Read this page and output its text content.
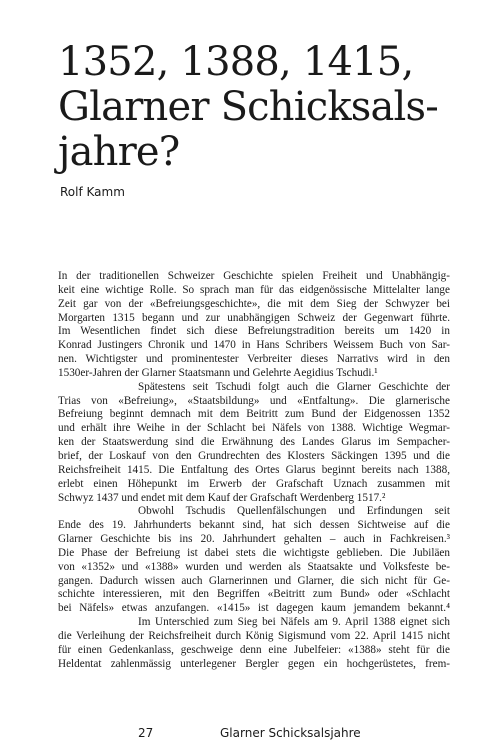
1352, 1388, 1415,
Glarner Schicksals-
jahre?
Rolf Kamm
In der traditionellen Schweizer Geschichte spielen Freiheit und Unabhängig-
keit eine wichtige Rolle. So sprach man für das eidgenössische Mittelalter lange
Zeit gar von der «Befreiungsgeschichte», die mit dem Sieg der Schwyzer bei
Morgarten 1315 begann und zur unabhängigen Schweiz der Gegenwart führte.
Im Wesentlichen findet sich diese Befreiungstradition bereits um 1420 in
Konrad Justingers Chronik und 1470 in Hans Schribers Weissem Buch von Sar-
nen. Wichtigster und prominentester Verbreiter dieses Narrativs wird in den
1530er-Jahren der Glarner Staatsmann und Gelehrte Aegidius Tschudi.¹
Spätestens seit Tschudi folgt auch die Glarner Geschichte der
Trias von «Befreiung», «Staatsbildung» und «Entfaltung». Die glarnerische
Befreiung beginnt demnach mit dem Beitritt zum Bund der Eidgenossen 1352
und erhält ihre Weihe in der Schlacht bei Näfels von 1388. Wichtige Wegmar-
ken der Staatswerdung sind die Erwähnung des Landes Glarus im Sempacher-
brief, der Loskauf von den Grundrechten des Klosters Säckingen 1395 und die
Reichsfreiheit 1415. Die Entfaltung des Ortes Glarus beginnt bereits nach 1388,
erlebt einen Höhepunkt im Erwerb der Grafschaft Uznach zusammen mit
Schwyz 1437 und endet mit dem Kauf der Grafschaft Werdenberg 1517.²
Obwohl Tschudis Quellenfälschungen und Erfindungen seit
Ende des 19. Jahrhunderts bekannt sind, hat sich dessen Sichtweise auf die
Glarner Geschichte bis ins 20. Jahrhundert gehalten – auch in Fachkreisen.³
Die Phase der Befreiung ist dabei stets die wichtigste geblieben. Die Jubiläen
von «1352» und «1388» wurden und werden als Staatsakte und Volksfeste be-
gangen. Dadurch wissen auch Glarnerinnen und Glarner, die sich nicht für Ge-
schichte interessieren, mit den Begriffen «Beitritt zum Bund» oder «Schlacht
bei Näfels» etwas anzufangen. «1415» ist dagegen kaum jemandem bekannt.⁴
Im Unterschied zum Sieg bei Näfels am 9. April 1388 eignet sich
die Verleihung der Reichsfreiheit durch König Sigismund vom 22. April 1415 nicht
für einen Gedenkanlass, geschweige denn eine Jubelfeier: «1388» steht für die
Heldentat zahlenmässig unterlegener Bergler gegen ein hochgerüstetes, frem-
27	Glarner Schicksalsjahre
